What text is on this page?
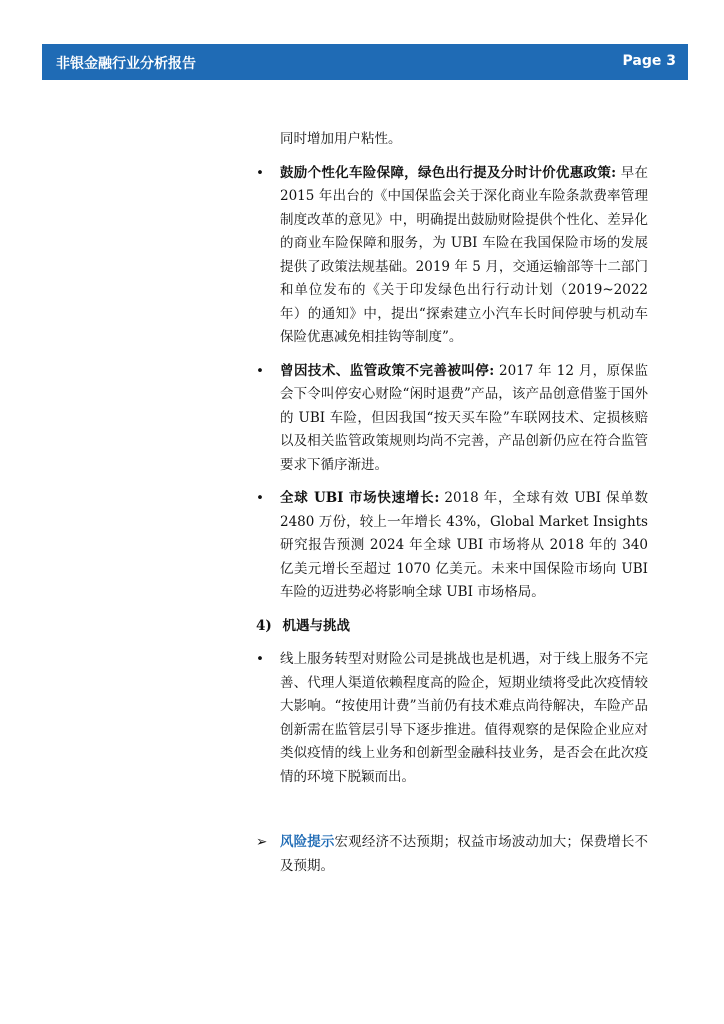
非银金融行业分析报告	Page 3

同时增加用户粘性。

• 鼓励个性化车险保障，绿色出行提及分时计价优惠政策: 早在 2015 年出台的《中国保监会关于深化商业车险条款费率管理制度改革的意见》中，明确提出鼓励财险提供个性化、差异化的商业车险保障和服务，为 UBI 车险在我国保险市场的发展提供了政策法规基础。2019 年 5 月，交通运输部等十二部门和单位发布的《关于印发绿色出行行动计划（2019~2022 年）的通知》中，提出“探索建立小汽车长时间停驶与机动车保险优惠减免相挂钩等制度”。
• 曾因技术、监管政策不完善被叫停: 2017 年 12 月，原保监会下令叫停安心财险“闲时退费”产品，该产品创意借鉴于国外的 UBI 车险，但因我国“按天买车险”车联网技术、定损核赔以及相关监管政策规则均尚不完善，产品创新仍应在符合监管要求下循序渐进。
• 全球 UBI 市场快速增长: 2018 年，全球有效 UBI 保单数 2480 万份，较上一年增长 43%，Global Market Insights 研究报告预测 2024 年全球 UBI 市场将从 2018 年的 340 亿美元增长至超过 1070 亿美元。未来中国保险市场向 UBI 车险的迈进势必将影响全球 UBI 市场格局。
4) 机遇与挑战
• 线上服务转型对财险公司是挑战也是机遇，对于线上服务不完善、代理人渠道依赖程度高的险企，短期业绩将受此次疫情较大影响。“按使用计费”当前仍有技术难点尚待解决，车险产品创新需在监管层引导下逐步推进。值得观察的是保险企业应对类似疫情的线上业务和创新型金融科技业务，是否会在此次疫情的环境下脱颖而出。
➢ 风险提示宏观经济不达预期；权益市场波动加大；保费增长不及预期。
